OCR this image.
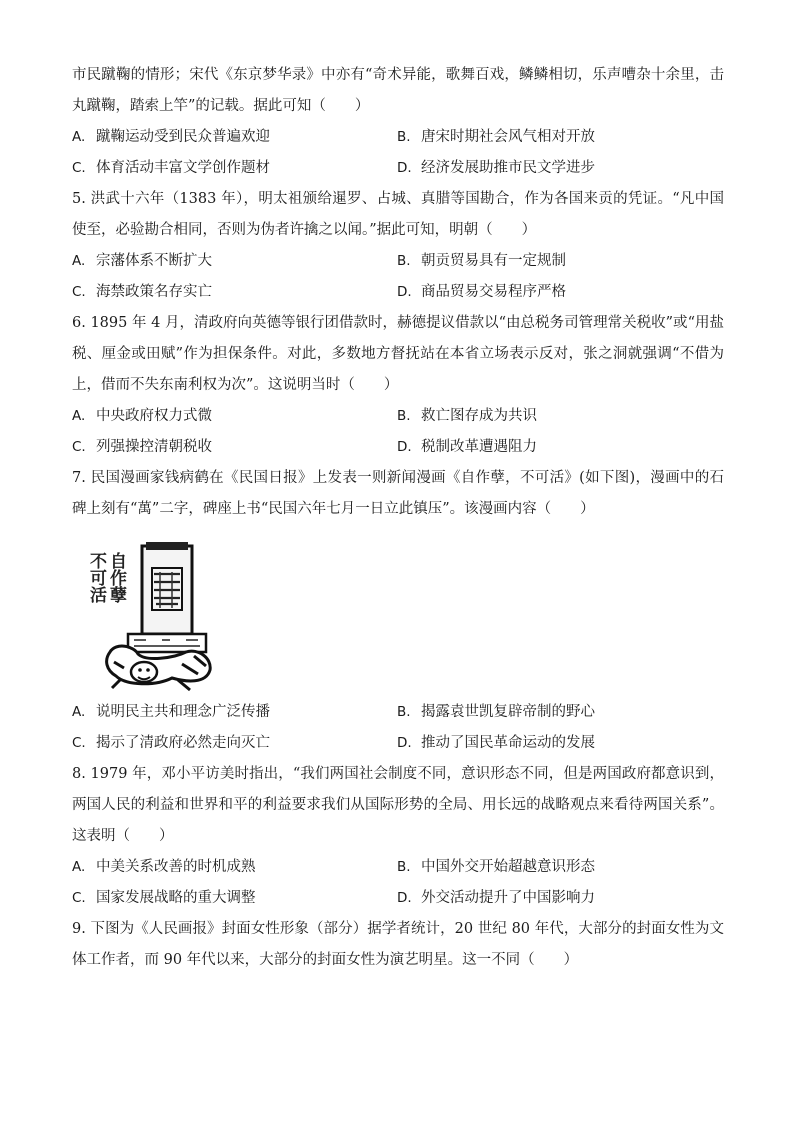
市民蹴鞠的情形；宋代《东京梦华录》中亦有“奇术异能，歌舞百戏，鳞鳞相切，乐声嘈杂十余里，击丸蹴鞠，踏索上竿”的记载。据此可知（　　）
A. 蹴鞠运动受到民众普遍欢迎	B. 唐宋时期社会风气相对开放
C. 体育活动丰富文学创作题材	D. 经济发展助推市民文学进步
5. 洪武十六年（1383 年），明太祖颁给暹罗、占城、真腊等国勘合，作为各国来贡的凭证。“凡中国使至，必验勘合相同，否则为伪者许擒之以闻。”据此可知，明朝（　　）
A. 宗藩体系不断扩大	B. 朝贡贸易具有一定规制
C. 海禁政策名存实亡	D. 商品贸易交易程序严格
6. 1895 年 4 月，清政府向英德等银行团借款时，赫德提议借款以“由总税务司管理常关税收”或“用盐税、厘金或田赋”作为担保条件。对此，多数地方督抚站在本省立场表示反对，张之洞就强调“不借为上，借而不失东南利权为次”。这说明当时（　　）
A. 中央政府权力式微	B. 救亡图存成为共识
C. 列强操控清朝税收	D. 税制改革遭遇阻力
7. 民国漫画家钱病鹤在《民国日报》上发表一则新闻漫画《自作孽，不可活》(如下图)，漫画中的石碑上刻有“萬”二字，碑座上书“民国六年七月一日立此镇压”。该漫画内容（　　）
自作孽
不可活
A. 说明民主共和理念广泛传播	B. 揭露袁世凯复辟帝制的野心
C. 揭示了清政府必然走向灭亡	D. 推动了国民革命运动的发展
8. 1979 年，邓小平访美时指出，“我们两国社会制度不同，意识形态不同，但是两国政府都意识到，两国人民的利益和世界和平的利益要求我们从国际形势的全局、用长远的战略观点来看待两国关系”。这表明（　　）
A. 中美关系改善的时机成熟	B. 中国外交开始超越意识形态
C. 国家发展战略的重大调整	D. 外交活动提升了中国影响力
9. 下图为《人民画报》封面女性形象（部分）据学者统计，20 世纪 80 年代，大部分的封面女性为文体工作者，而 90 年代以来，大部分的封面女性为演艺明星。这一不同（　　）
